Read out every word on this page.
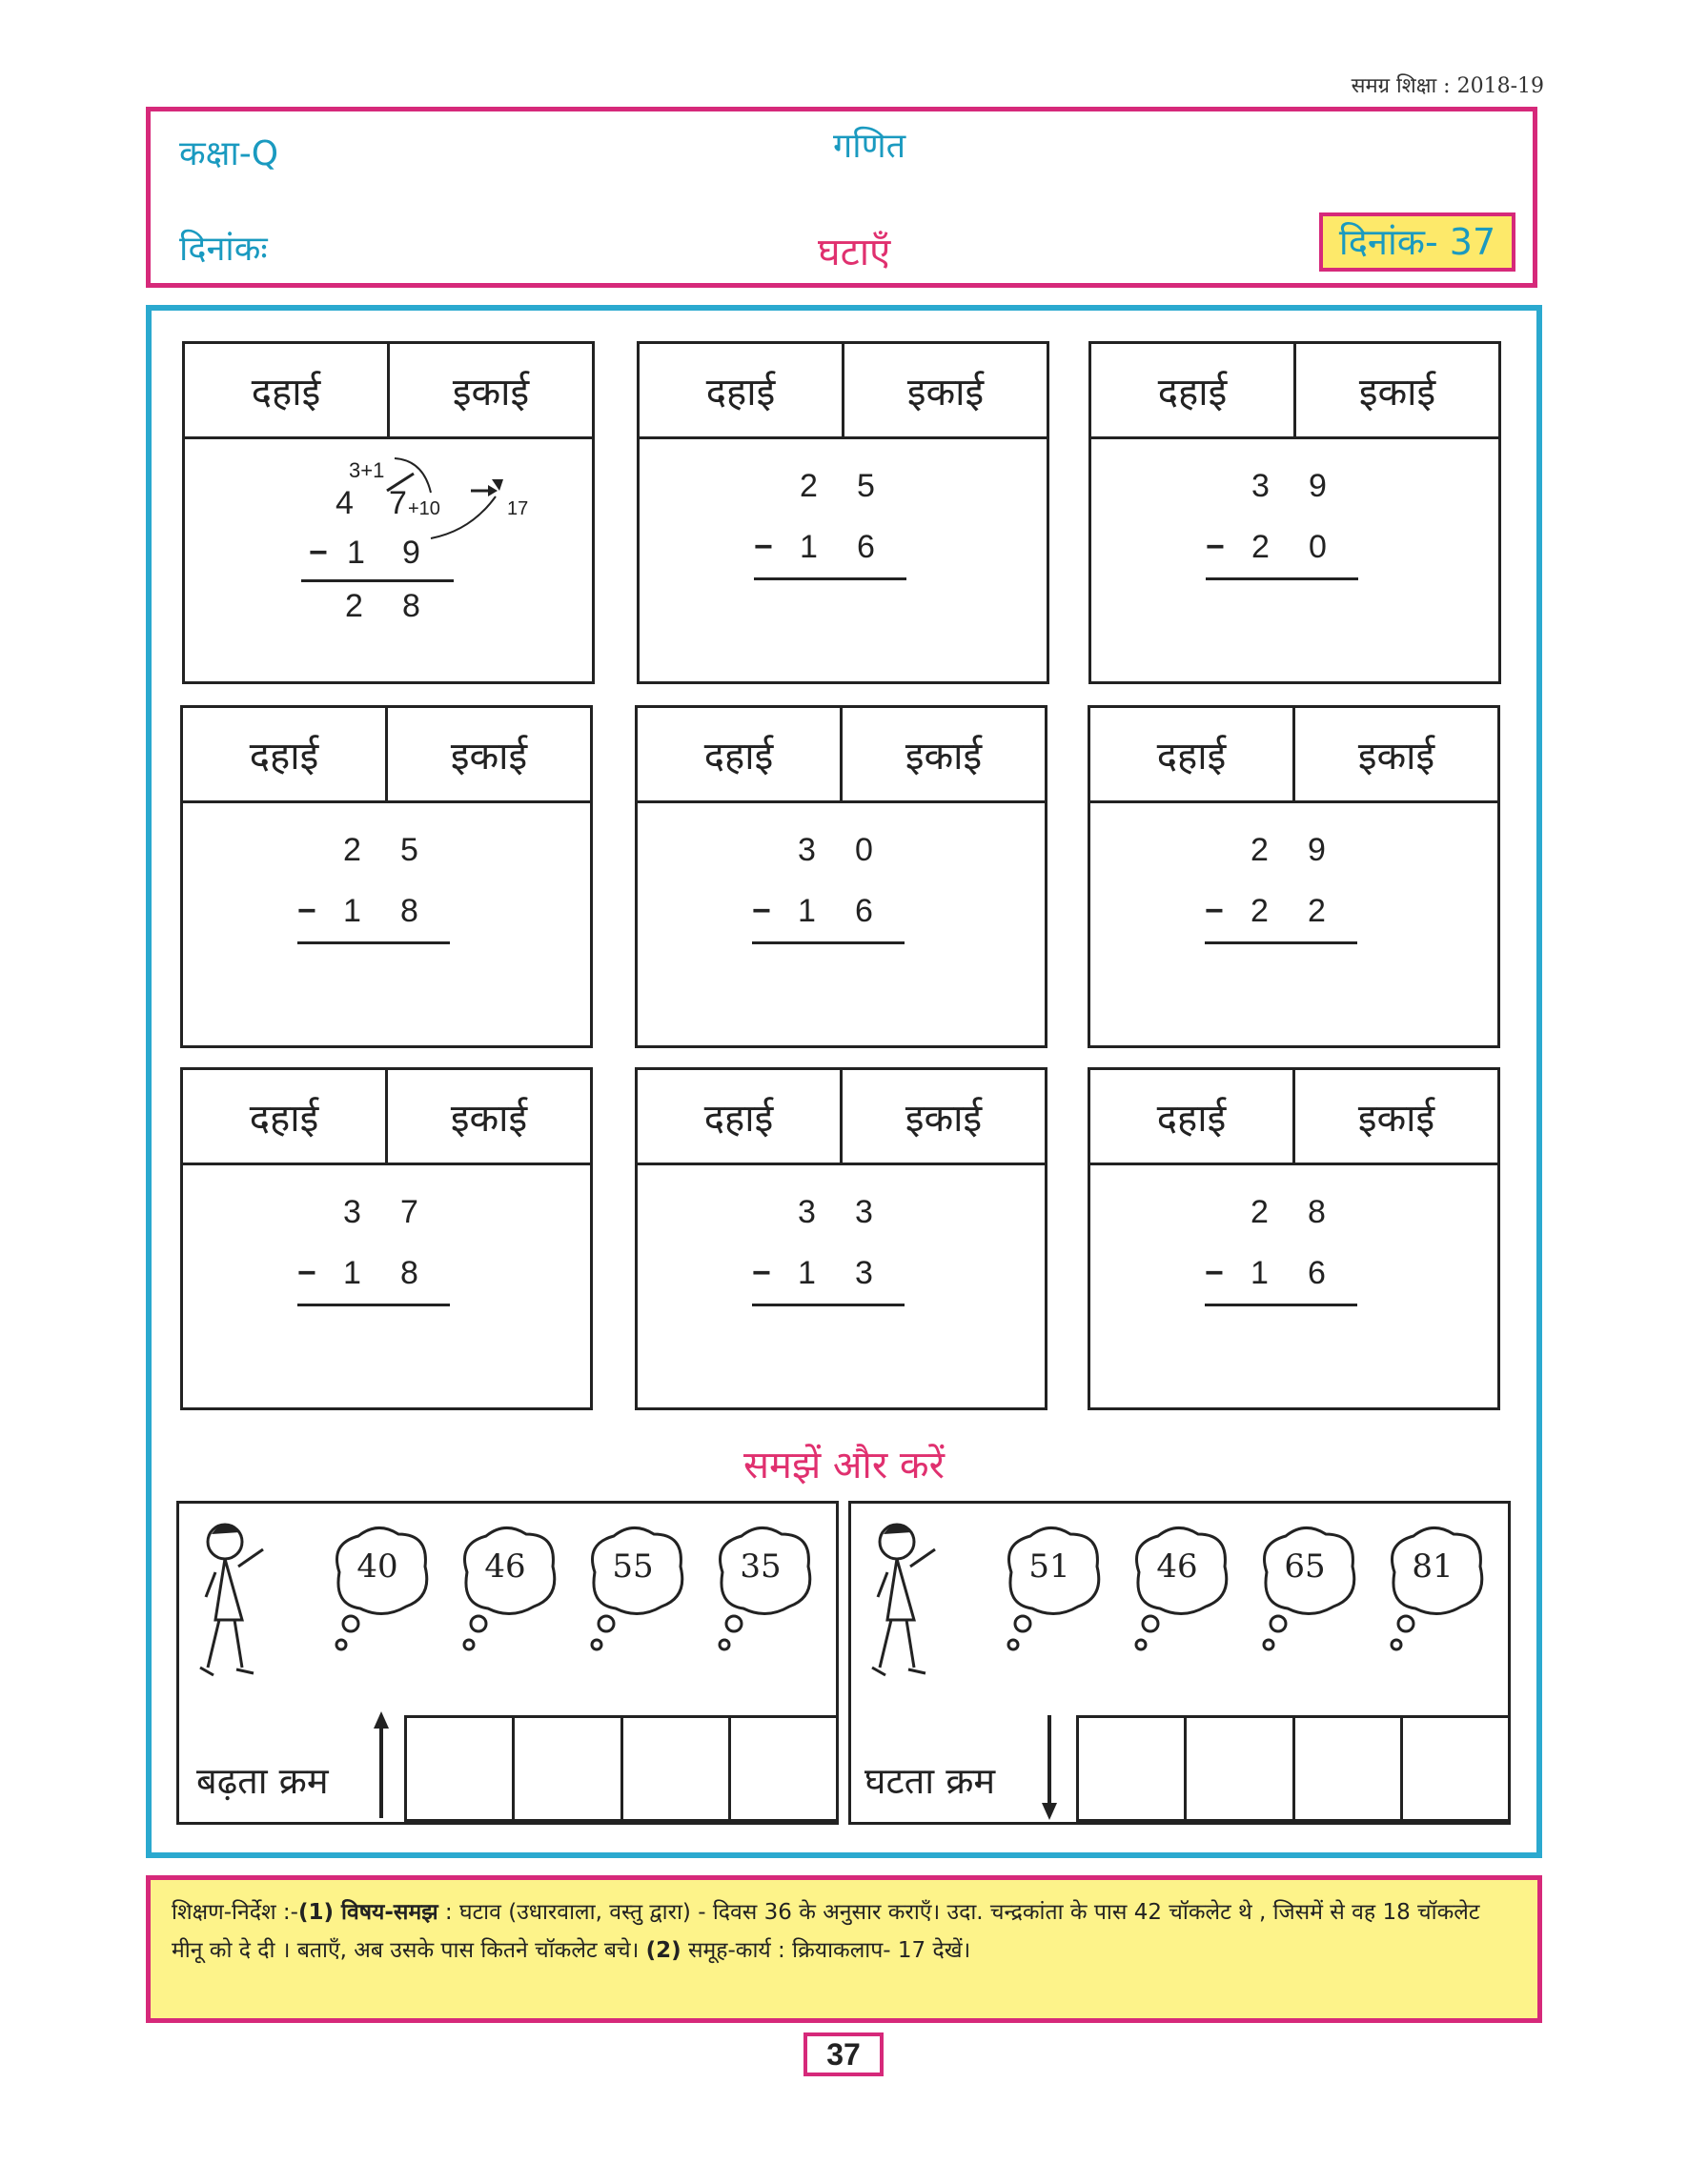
समग्र शिक्षा : 2018-19
कक्षा-Q	गणित
दिनांकः	घटाएँ	दिनांक- 37
दहाई	इकाई
3+1
4 7 +10	17
− 1 9
2 8
दहाई	इकाई
2 5
− 1 6
दहाई	इकाई
3 9
− 2 0
दहाई	इकाई
2 5
− 1 8
दहाई	इकाई
3 0
− 1 6
दहाई	इकाई
2 9
− 2 2
दहाई	इकाई
3 7
− 1 8
दहाई	इकाई
3 3
− 1 3
दहाई	इकाई
2 8
− 1 6
समझें और करें
40	46	55	35
बढ़ता क्रम
51	46	65	81
घटता क्रम
शिक्षण-निर्देश :-(1) विषय-समझ : घटाव (उधारवाला, वस्तु द्वारा) - दिवस 36 के अनुसार कराएँ। उदा. चन्द्रकांता के पास 42 चॉकलेट थे , जिसमें से वह 18 चॉकलेट मीनू को दे दी । बताएँ, अब उसके पास कितने चॉकलेट बचे। (2) समूह-कार्य : क्रियाकलाप- 17 देखें।
37
